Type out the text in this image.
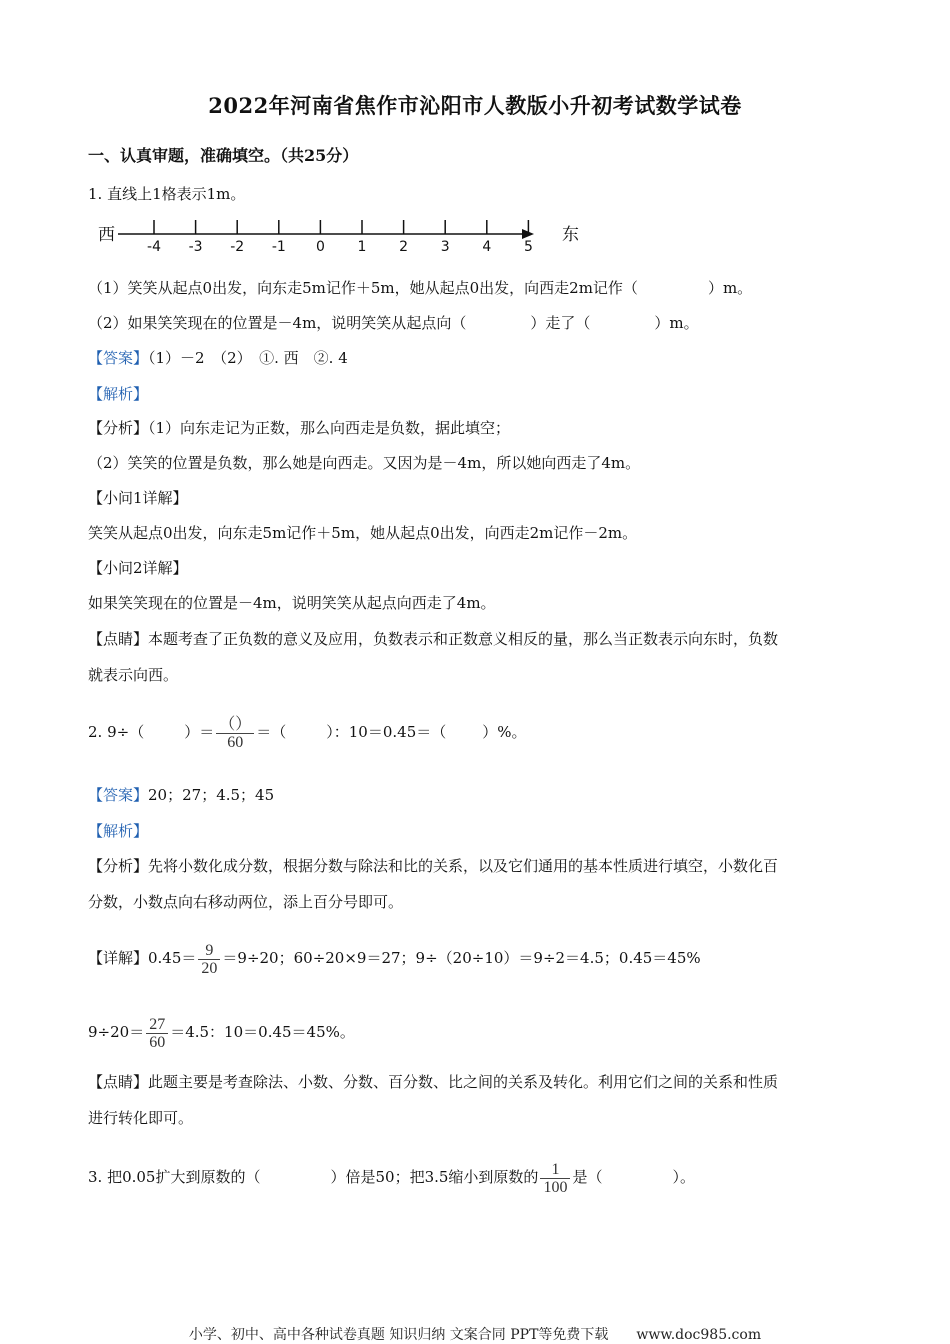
2022年河南省焦作市沁阳市人教版小升初考试数学试卷
一、认真审题，准确填空。（共25分）
1. 直线上1格表示1m。
西	东
-4 -3 -2 -1 0 1 2 3 4 5
（1）笑笑从起点0出发，向东走5m记作＋5m，她从起点0出发，向西走2m记作（	）m。
（2）如果笑笑现在的位置是－4m，说明笑笑从起点向（	）走了（	）m。
【答案】（1）－2　（2）　①. 西　②. 4
【解析】
【分析】（1）向东走记为正数，那么向西走是负数，据此填空；
（2）笑笑的位置是负数，那么她是向西走。又因为是－4m，所以她向西走了4m。
【小问1详解】
笑笑从起点0出发，向东走5m记作＋5m，她从起点0出发，向西走2m记作－2m。
【小问2详解】
如果笑笑现在的位置是－4m，说明笑笑从起点向西走了4m。
【点睛】本题考查了正负数的意义及应用，负数表示和正数意义相反的量，那么当正数表示向东时，负数
就表示向西。
2. 9÷（	）＝ $\frac{()}{60}$ ＝（	）：10＝0.45＝（ ）%。
【答案】20；27；4.5；45
【解析】
【分析】先将小数化成分数，根据分数与除法和比的关系，以及它们通用的基本性质进行填空，小数化百
分数，小数点向右移动两位，添上百分号即可。
【详解】$0.45= \frac{9}{20} =9\div 20$；60÷20×9＝27；9÷（20÷10）＝9÷2＝4.5；0.45＝45%
$9\div 20= \frac{27}{60} =4.5$：10＝0.45＝45%。
【点睛】此题主要是考查除法、小数、分数、百分数、比之间的关系及转化。利用它们之间的关系和性质
进行转化即可。
3. 把0.05扩大到原数的（	）倍是50；把3.5缩小到原数的 $\frac{1}{100}$ 是（	）。
小学、初中、高中各种试卷真题 知识归纳 文案合同 PPT等免费下载　　www.doc985.com
